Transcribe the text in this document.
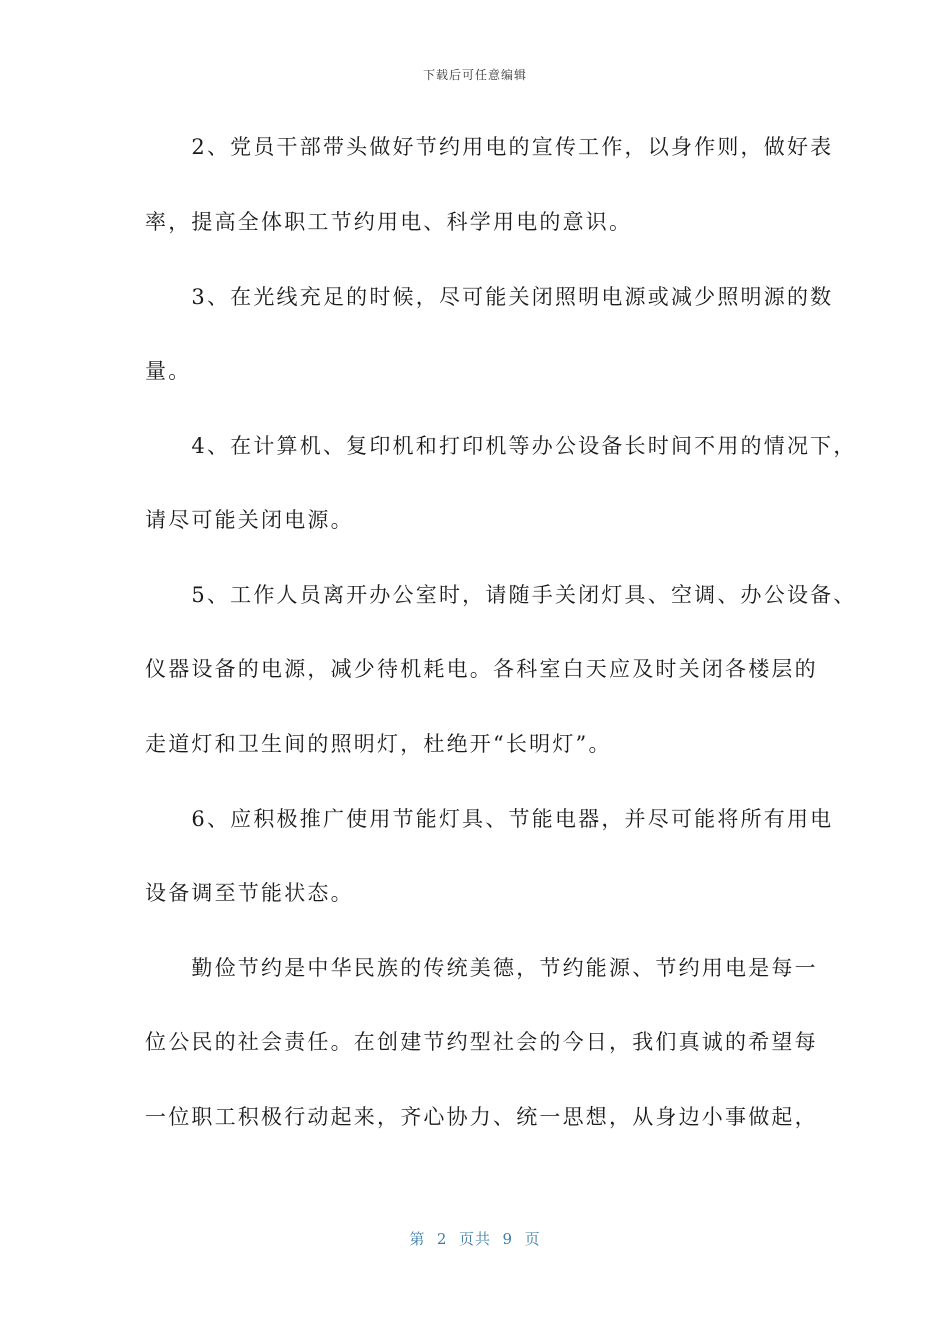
下载后可任意编辑
　　2、党员干部带头做好节约用电的宣传工作，以身作则，做好表
率，提高全体职工节约用电、科学用电的意识。
　　3、在光线充足的时候，尽可能关闭照明电源或减少照明源的数
量。
　　4、在计算机、复印机和打印机等办公设备长时间不用的情况下，
请尽可能关闭电源。
　　5、工作人员离开办公室时，请随手关闭灯具、空调、办公设备、
仪器设备的电源，减少待机耗电。各科室白天应及时关闭各楼层的
走道灯和卫生间的照明灯，杜绝开“长明灯”。
　　6、应积极推广使用节能灯具、节能电器，并尽可能将所有用电
设备调至节能状态。
　　勤俭节约是中华民族的传统美德，节约能源、节约用电是每一
位公民的社会责任。在创建节约型社会的今日，我们真诚的希望每
一位职工积极行动起来，齐心协力、统一思想，从身边小事做起，
第  2  页共  9  页
